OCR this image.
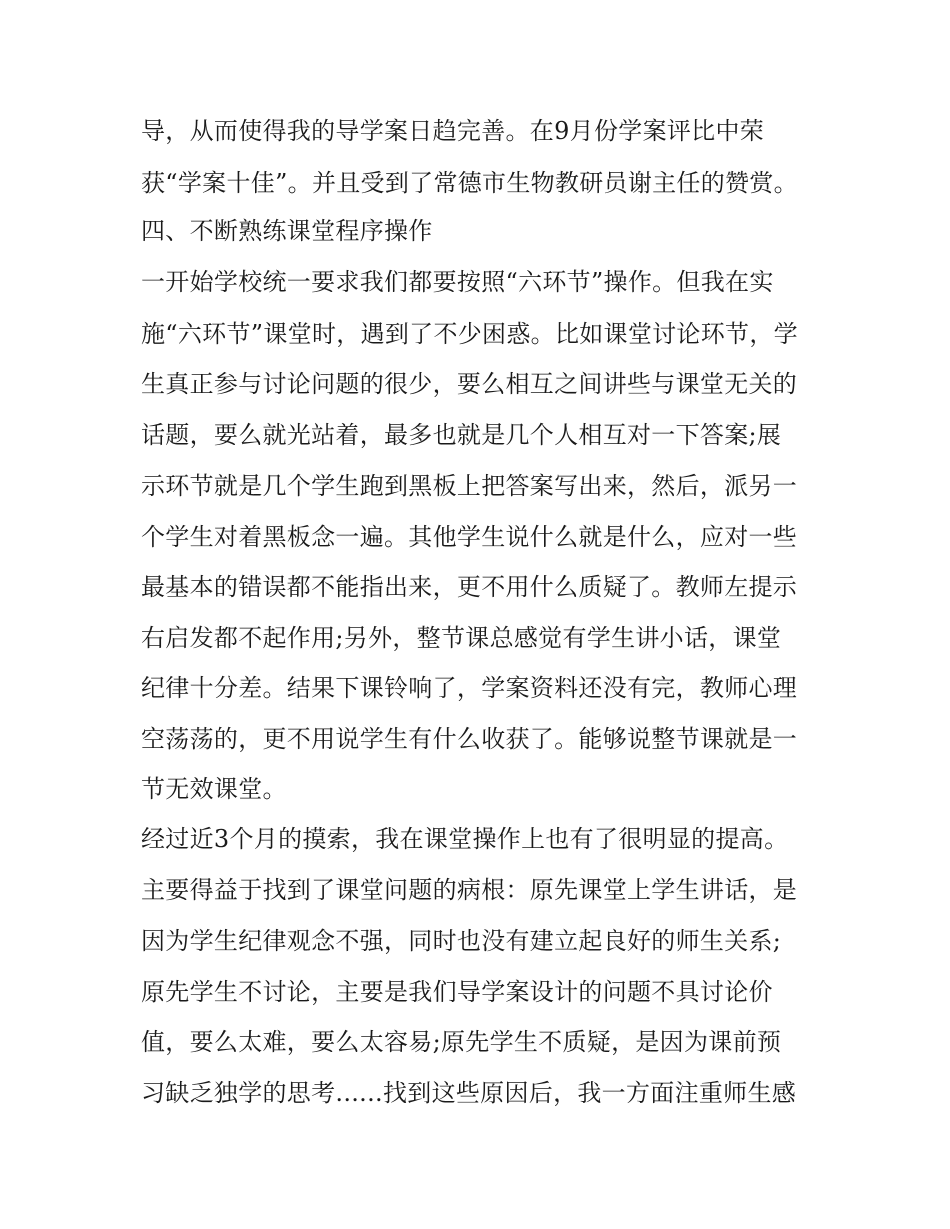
导，从而使得我的导学案日趋完善。在9月份学案评比中荣
获“学案十佳”。并且受到了常德市生物教研员谢主任的赞赏。
四、不断熟练课堂程序操作
一开始学校统一要求我们都要按照“六环节”操作。但我在实
施“六环节”课堂时，遇到了不少困惑。比如课堂讨论环节，学
生真正参与讨论问题的很少，要么相互之间讲些与课堂无关的
话题，要么就光站着，最多也就是几个人相互对一下答案;展
示环节就是几个学生跑到黑板上把答案写出来，然后，派另一
个学生对着黑板念一遍。其他学生说什么就是什么，应对一些
最基本的错误都不能指出来，更不用什么质疑了。教师左提示
右启发都不起作用;另外，整节课总感觉有学生讲小话，课堂
纪律十分差。结果下课铃响了，学案资料还没有完，教师心理
空荡荡的，更不用说学生有什么收获了。能够说整节课就是一
节无效课堂。
经过近3个月的摸索，我在课堂操作上也有了很明显的提高。
主要得益于找到了课堂问题的病根：原先课堂上学生讲话，是
因为学生纪律观念不强，同时也没有建立起良好的师生关系;
原先学生不讨论，主要是我们导学案设计的问题不具讨论价
值，要么太难，要么太容易;原先学生不质疑，是因为课前预
习缺乏独学的思考......找到这些原因后，我一方面注重师生感
